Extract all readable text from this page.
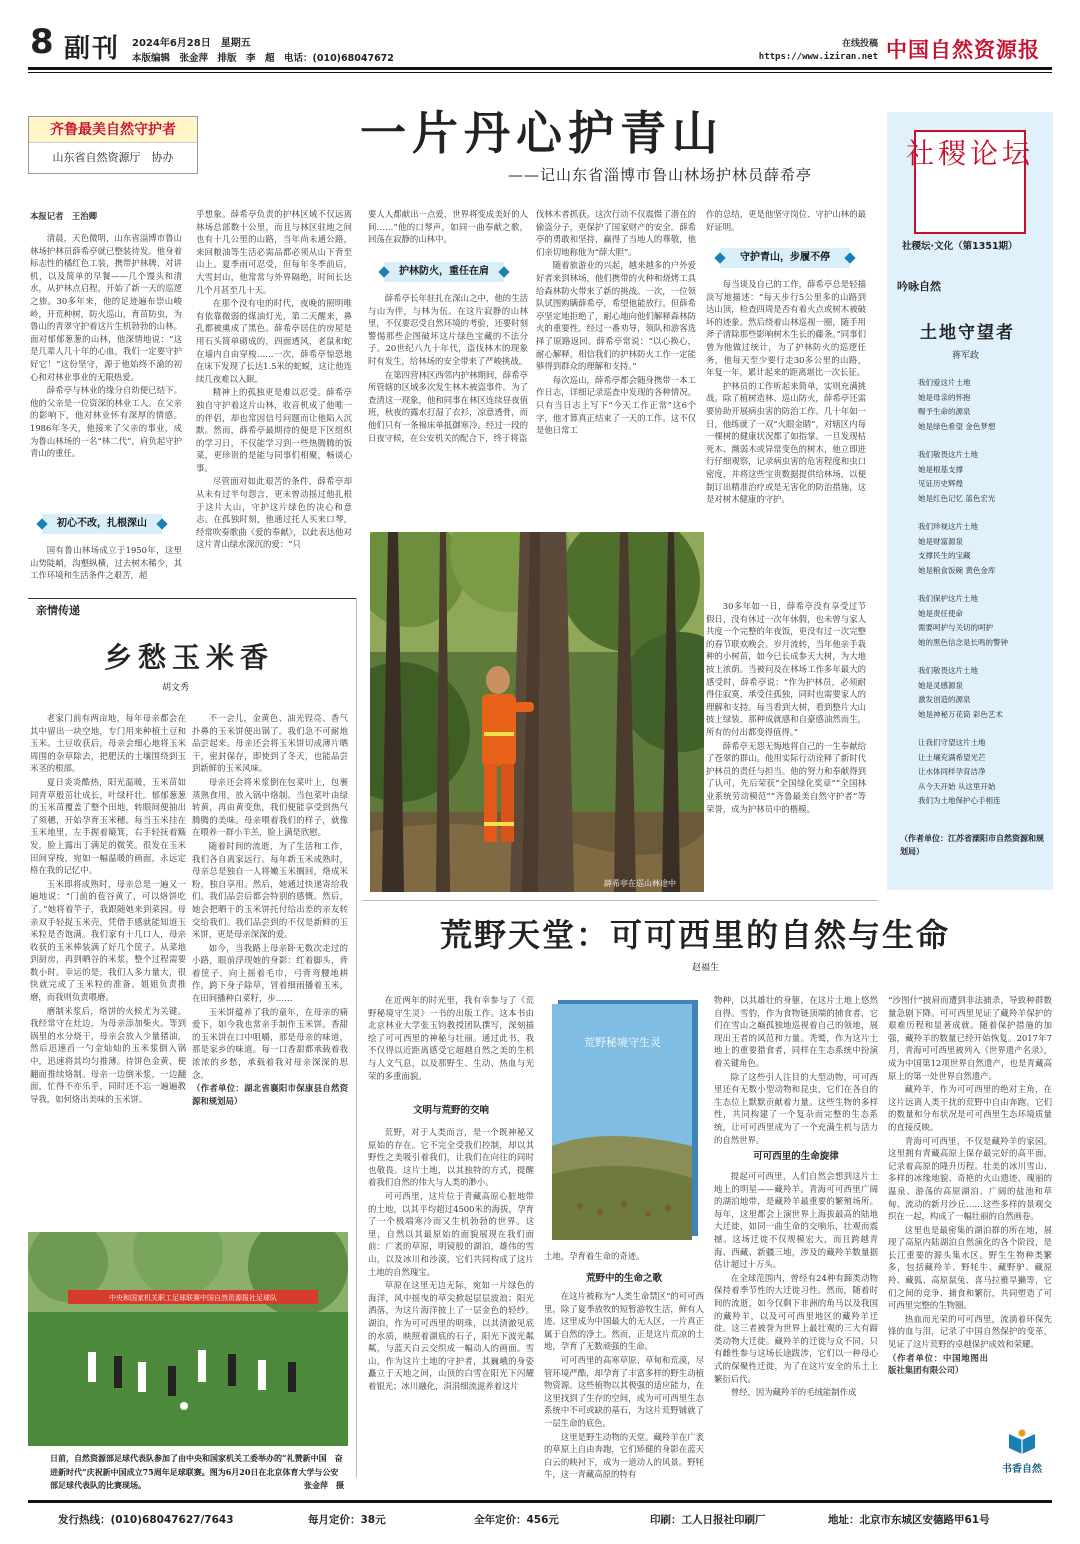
8 副刊 2024年6月28日　星期五
本版编辑　张金萍　排版　李　超　电话：(010)68047672
在线投稿
https://www.iziran.net 中国自然资源报
齐鲁最美自然守护者
山东省自然资源厅　协办	一片丹心护青山
——记山东省淄博市鲁山林场护林员薛希亭
本报记者　王治卿

清晨，天色微明，山东省淄博市鲁山林场护林员薛希亭就已整装待发。他身着标志性的橘红色工装，携带护林牌、对讲机，以及简单的早餐——几个馒头和清水，从护林点启程，开始了新一天的巡逻之旅。30多年来，他的足迹遍布崇山峻岭，开荒种树，防火巡山，育苗防虫，为鲁山的青翠守护着这片生机勃勃的山林。面对郁郁葱葱的山林，他深情地说：“这是几辈人几十年的心血，我们一定要守护好它！”这份坚守，源于他始终不渝的初心和对林业事业的无限热爱。

薛希亭与林业的缘分自幼便已结下。他的父亲是一位资深的林业工人。在父亲的影响下，他对林业怀有深厚的情感。1986年冬天，他接来了父亲的事业，成为鲁山林场的一名“林二代”，肩负起守护青山的重任。

初心不改，扎根深山

国有鲁山林场成立于1950年，这里山势陡峭，沟壑纵横，过去树木稀少，其工作环境和生活条件之艰苦，超

乎想象。薛希亭负责的护林区域不仅远离林场总部数十公里，而且与林区驻地之间也有十几公里的山路，当年尚未通公路，来回粮油等生活必需品都必须从山下背至山上。夏季雨可忍受，但每年冬季前后，大雪封山，他常常与外界隔绝，时间长达几个月甚至几十天。

在那个没有电的时代，夜晚的照明唯有依靠微弱的煤油灯光，第二天醒来，鼻孔都被熏成了黑色。薛希亭居住的房屋是用石头简单砌成的，四面透风，老鼠和蛇在墙内自由穿梭……一次，薛希亭惊恐地在床下发现了长达1.5米的蛇蜕，这让他连续几夜难以入眠。

精神上的孤独更是难以忍受。薛希亭独自守护着这片山林，收音机成了他唯一的伴侣，却也常因信号问题而让他陷入沉默。然而，薛希亭最期待的便是下区组织的学习日，不仅能学习到一些热腾腾的饭菜，更珍贵的是能与同事们相聚，畅谈心事。

尽管面对如此艰苦的条件，薛希亭却从未有过半句怨言，更未曾动摇过他扎根于这片大山，守护这片绿色的决心和意志。在孤独时刻，他通过托人买来口琴，经常吹奏歌曲《爱的奉献》，以此表达他对这片青山绿水深沉的爱：“只

要人人都献出一点爱，世界将变成美好的人间……”他的口琴声，如同一曲奉献之歌，回荡在寂静的山林中。

护林防火，重任在肩

薛希亭长年驻扎在深山之中，他的生活与山为伴，与林为伍。在这片寂静的山林里，不仅要忍受自然环境的考验，还要时刻警惕那些企图破坏这片绿色宝藏的不法分子。20世纪八九十年代，盗伐林木的现象时有发生，给林场的安全带来了严峻挑战。

在第四营林区西邻内护林期间，薛希亭所管辖的区域多次发生林木被盗事件。为了查清这一现象，他和同事在林区连续昼夜值班，秋夜的露水打湿了衣衫，凉意透骨，而他们只有一条棉床单抵御寒冷。经过一段的日夜守候，在公安机关的配合下，终于将盗

伐林木者抓获。这次行动不仅震慑了潜在的偷盗分子，更保护了国家财产的安全。薛希亭的勇敢和坚持，赢得了当地人的尊敬，他们亲切地称他为“薛大胆”。

随着旅游业的兴起，越来越多的户外爱好者来到林场，他们携带的火种和烧烤工具给森林防火带来了新的挑战。一次，一位领队试图购瞒薛希亭，希望他能放行。但薛希亭坚定地拒绝了，耐心地向他们解释森林防火的重要性。经过一番劝导，领队和游客选择了原路返回。薛希亭常说：“以心换心，耐心解释，相信我们的护林防火工作一定能够得到群众的理解和支持。”

每次巡山，薛希亭都会随身携带一本工作日志，详细记录巡查中发现的各种情况。只有当日志上写下“今天工作正常”这6个字，他才算真正结束了一天的工作。这不仅是他日常工

作的总结，更是他坚守岗位、守护山林的最好证明。

守护青山，步履不停

每当谈及自己的工作，薛希亭总是轻描淡写地描述：“每天步行5公里多的山路到达山顶，检查四周是否有着火点或树木被破坏的迹象。然后绕着山林巡视一圈，随手用斧子清除那些影响树木生长的藤条。”同事们曾为他做过统计，为了护林防火的巡逻任务，他每天至少要行走30多公里的山路，年复一年，累计起来的距离堪比一次长征。

护林员的工作听起来简单，实则充满挑战。除了植树造林、巡山防火，薛希亭还需要协助开展病虫害的防治工作。几十年如一日，他练就了一双“火眼金睛”，对辖区内每一棵树的健康状况都了如指掌。一旦发现枯死木、濒弱木或异常变色的树木，他立即进行仔细观察，记录病虫害的危害程度和虫口密度，并将这些宝贵数据提供给林场，以便制订出精准治疗或是无害化的防治措施，这是对树木健康的守护。

30多年如一日，薛希亭没有享受过节假日，没有休过一次年休假，也未曾与家人共度一个完整的年夜饭，更没有过一次完整的春节联欢晚会。岁月流转，当年他亲手栽种的小树苗，如今已长成参天大树，为大地披上浓荫。当被问及在林场工作多年最大的感受时，薛希亭说：“作为护林员，必须耐得住寂寞，承受住孤独，同时也需要家人的理解和支持。每当看到大树，看到整片大山披上绿装，那种成就感和自豪感油然而生，所有的付出都变得值得。”

薛希亭无怨无悔地将自己的一生奉献给了苍翠的群山。他用实际行动诠释了新时代护林员的责任与担当。他的努力和奉献得到了认可，先后荣获“全国绿化奖章”“全国林业系统劳动模范”“齐鲁最美自然守护者”等荣誉，成为护林员中的楷模。

薛希亭在巡山林途中
社稷论坛
社稷坛·文化（第1351期）
吟咏自然
土地守望者
蒋军政
我们爱这片土地
她是母亲的怀抱
赐予生命的源泉
她是绿色希望 金色梦想
我们敬畏这片土地
她是根基支撑
见证历史辉煌
她是红色记忆 蓝色宏光
我们珍视这片土地
她是财富源泉
支撑民生的宝藏
她是粮食饭碗 黄色金库
我们保护这片土地
她是责任使命
需要呵护与关切的呵护
她的黑色信念是长鸣的警钟
我们敬畏这片土地
她是灵感源泉
激发创造的源泉
她是神秘万花筒 彩色艺术
让我们守望这片土地
让土壤充满希望光芒
让水体同样孕育洁净
从今天开始 从这里开始
我们为土地保护心手相连
（作者单位：江苏省溧阳市自然资源和规划局）
亲情传递
乡愁玉米香
胡文秀

老家门前有两亩地，每年母亲都会在其中留出一块空地，专门用来种植土豆和玉米。土豆收获后，母亲会细心地将玉米周围的杂草除去，把肥沃的土壤围绕到玉米茎的根部。

夏日炎炎酷热，阳光温暖，玉米苗如同青草般茁壮成长，叶绿秆壮。郁郁葱葱的玉米苗覆盖了整个田地，转眼间便抽出了须穗，开始孕育玉米穗。每当玉米挂在玉米地里，左手握着簸箕，右手轻抚着簸发，脸上露出丁满足的微笑。很发在玉米田间穿梭，宛如一幅温暖的画面，永远定格在我的记忆中。

玉米即将成熟时，母亲总是一遍又一遍地说：“门前的苞谷黄了，可以烙饼吃了。”她将着竿子，我跟随她来到菜园。母亲双手轻捉玉米壳，凭借手感就能知道玉米粒是否饱满。我们家有十几口人，母亲收获的玉米棒装满了好几个筐子。从菜地到厨房，再到晒谷的米浆，整个过程需要数小时。幸运的是，我们人多力量大，很快就完成了玉米粒的准备。姐姐负责推磨，而我则负责喂磨。

磨制米浆后，烙饼的火候尤为关键。我经常守在灶边，为母亲添加柴火。等到锅里的水分烧干，母亲会放入少量猪油，然后迅速舀一勺金灿灿的玉米浆倒入锅中，迅速将其均匀推薄。待饼色金黄，便翻面推续烙制。母亲一边倒米浆，一边翻面，忙得不亦乐乎，同时还不忘一遍遍教导我，如何烙出美味的玉米饼。

不一会儿，金黄色、油光锃亮、香气扑鼻的玉米饼便出锅了。我们急不可耐地品尝起来。母亲还会将玉米饼切成薄片晒干，密封保存，即使到了冬天，也能品尝到新鲜的玉米风味。

母亲还会将米浆倒在包菜叶上，包裹蒸熟食用，放入锅中烙制。当包菜叶由绿转黄，再由黄变焦，我们便能享受到热气腾腾的美味。母亲喂着我们的样子，就像在喂养一群小羊羔，脸上满是欣慰。

随着时间的流逝，为了生活和工作，我们各自离家远行。每年新玉米成熟时，母亲总是独自一人将嫩玉米搁回，烙成米粉，独自享用。然后，她通过快递寄给我们。我们品尝后都会特别的感慨。然后，她会把晒干的玉米饼托付给出差的亲友转交给我们。我们品尝到的不仅是新鲜的玉米饼，更是母亲深深的爱。

如今，当我路上母亲卧无数次走过的小路，眼前浮现她的身影：红着脚头，背着筐子，向上摇着毛巾，弓背弯腰地耕作，跨下身子除草，冒着细雨播着玉米，在田间播种白菜籽，步……

玉米饼蕴养了我的童年，在母亲的痛爱下，如今我也常亲手制作玉米饼。香甜的玉米饼在口中咀嚼，那是母亲的味道，那是家乡的味道。每一口香甜都承载着我浓浓的乡愁，承载着我对母亲深深的思念。

（作者单位：湖北省襄阳市保康县自然资源和规划局）

中央和国家机关职工足球联赛中国自然资源报社足球队
日前，自然资源部足球代表队参加了由中央和国家机关工委举办的“礼赞新中国　奋进新时代”庆祝新中国成立75周年足球联赛。图为6月20日在北京体育大学与公安部足球代表队的比赛现场。	张金萍　摄
荒野天堂：可可西里的自然与生命
赵福生

在近两年的时光里，我有幸参与了《荒野秘境守生灵》一书的出版工作。这本书由北京林业大学张玉钧教授团队撰写，深刻描绘了可可西里的神秘与壮丽。通过此书，我不仅得以近距离感受它超越自然之美的生机与人文气息，以及那野生、生动、热血与光荣的多重面貌。

文明与荒野的交响

荒野，对于人类而言，是一个既神秘又原始的存在。它不完全受我们控制，却以其野性之美吸引着我们，让我们在向往的同时也敬畏。这片土地，以其独特的方式，提醒着我们自然的伟大与人类的渺小。

可可西里，这片位于青藏高原心脏地带的土地，以其平均超过4500米的海拔，孕育了一个极端寒冷而又生机勃勃的世界。这里，自然以其最原始的面貌展现在我们面前：广袤的草原，明镜般的湖泊，雄伟的雪山，以及冰川和沙漠，它们共同构成了这片土地的自然瑰宝。

草原在这里无边无际，宛如一片绿色的海洋，风中摇曳的草尖掀起层层波浪；阳光洒落，为这片海洋披上了一层金色的轻纱。湖泊，作为可可西里的明珠，以其清澈见底的水质，映照着湖底的石子，阳光下波光粼粼，与蓝天白云交织成一幅动人的画面。雪山，作为这片土地的守护者，其巍峨的身姿矗立于天地之间，山顶的白雪在阳光下闪耀着银光；冰川融化，涓涓细流滋养着这片

荒野秘境守生灵

土地，孕育着生命的奇迹。

荒野中的生命之歌

在这片被称为“人类生命禁区”的可可西里，除了夏季放牧的短暂游牧生活，鲜有人迹。这里成为中国最大的无人区，一片真正属于自然的净土。然而，正是这片荒凉的土地，孕育了无数顽强的生命。

可可西里的高寒草原、草甸和荒漠，尽管环境严酷，却孕育了丰富多样的野生动植物资源。这些植物以其极强的适应能力，在这里找到了生存的空间，成为可可西里生态系统中不可或缺的基石，为这片荒野铺就了一层生命的底色。

这里是野生动物的天堂。藏羚羊在广袤的草原上自由奔跑，它们矫健的身影在蓝天白云的映衬下，成为一道动人的风景。野牦牛，这一青藏高原的特有

物种，以其雄壮的身躯，在这片土地上悠然自得。雪豹，作为食物链顶端的捕食者，它们在雪山之巅孤独地巡视着自己的领地，展现出王者的风范和力量。秃鹫，作为这片土地上的重要猎食者，同样在生态系统中扮演着关键角色。

除了这些引人注目的大型动物，可可西里还有无数小型动物和昆虫，它们在各自的生态位上默默贡献着力量。这些生物的多样性，共同构建了一个复杂而完整的生态系统，让可可西里成为了一个充满生机与活力的自然世界。

可可西里的生命旋律

提起可可西里，人们自然会想到这片土地上的明星——藏羚羊。青海可可西里广阔的湖泊地带，是藏羚羊最重要的繁殖场所。每年，这里都会上演世界上海拔最高的陆地大迁徙，如同一曲生命的交响乐，壮观而震撼。这场迁徙不仅规模宏大，而且跨越青海、西藏、新疆三地，涉及的藏羚羊数量据估计超过十万头。

在全球范围内，曾经有24种有蹄类动物保持着季节性的大迁徙习性。然而，随着时间的流逝，如今仅剩下非洲的角马以及我国的藏羚羊，以及可可西里地区的藏羚羊迁徙。这三者被誉为世界上最壮观的三大有蹄类动物大迁徙。藏羚羊的迁徙与众不同，只有雌性参与这场长途跋涉，它们以一种母心式的保聚性迁徙，为了在这片安全的乐土上繁衍后代。

曾经，因为藏羚羊的毛绒能制作成

“沙图什”披肩而遭到非法捕杀，导致种群数量急剧下降。可可西里见证了藏羚羊保护的艰难历程和显著成就。随着保护措施的加强，藏羚羊的数量已经开始恢复。2017年7月，青海可可西里被列入《世界遗产名录》，成为中国第12项世界自然遗产，也是青藏高原上的第一处世界自然遗产。

藏羚羊，作为可可西里的绝对主角，在这片远离人类干扰的荒野中自由奔跑。它们的数量和分布状况是可可西里生态环境质量的直接反映。

青海可可西里，不仅是藏羚羊的家园。这里拥有青藏高原上保存最完好的高平面，记录着高原的隆升历程。壮美的冰川雪山、多样的冰缘地貌、奇艳的火山遗迹、瑰丽的温泉、游荡的高原湖泊、广阔的盐池和草甸、流动的新月沙丘……这些多样的景观交织在一起，构成了一幅壮丽的自然画卷。

这里也是最密集的湖泊群的所在地，展现了高原内陆湖泊自然演化的各个阶段，是长江重要的源头集水区。野生生物种类繁多，包括藏羚羊、野牦牛、藏野驴、藏原羚、藏狐、高原鼠兔、喜马拉雅旱獭等，它们之间的竞争、捕食和繁衍，共同塑造了可可西里完整的生物圈。

热血而光荣的可可西里，流淌着环保先锋的血与泪，记录了中国自然保护的变革，见证了这片荒野的卓越保护成效和荣耀。

（作者单位：中国地图出版社集团有限公司）

书香自然
发行热线：(010)68047627/7643	每月定价：38元	全年定价：456元	印刷：工人日报社印刷厂	地址：北京市东城区安德路甲61号
